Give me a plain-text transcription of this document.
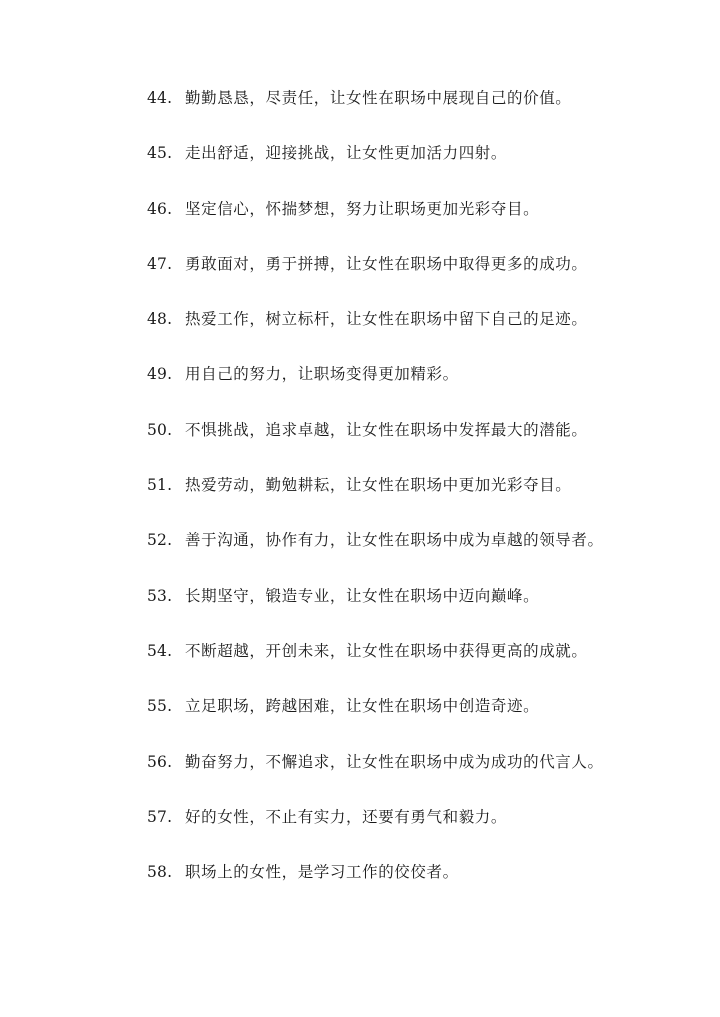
44. 勤勤恳恳，尽责任，让女性在职场中展现自己的价值。
45. 走出舒适，迎接挑战，让女性更加活力四射。
46. 坚定信心，怀揣梦想，努力让职场更加光彩夺目。
47. 勇敢面对，勇于拼搏，让女性在职场中取得更多的成功。
48. 热爱工作，树立标杆，让女性在职场中留下自己的足迹。
49. 用自己的努力，让职场变得更加精彩。
50. 不惧挑战，追求卓越，让女性在职场中发挥最大的潜能。
51. 热爱劳动，勤勉耕耘，让女性在职场中更加光彩夺目。
52. 善于沟通，协作有力，让女性在职场中成为卓越的领导者。
53. 长期坚守，锻造专业，让女性在职场中迈向巅峰。
54. 不断超越，开创未来，让女性在职场中获得更高的成就。
55. 立足职场，跨越困难，让女性在职场中创造奇迹。
56. 勤奋努力，不懈追求，让女性在职场中成为成功的代言人。
57. 好的女性，不止有实力，还要有勇气和毅力。
58. 职场上的女性，是学习工作的佼佼者。
